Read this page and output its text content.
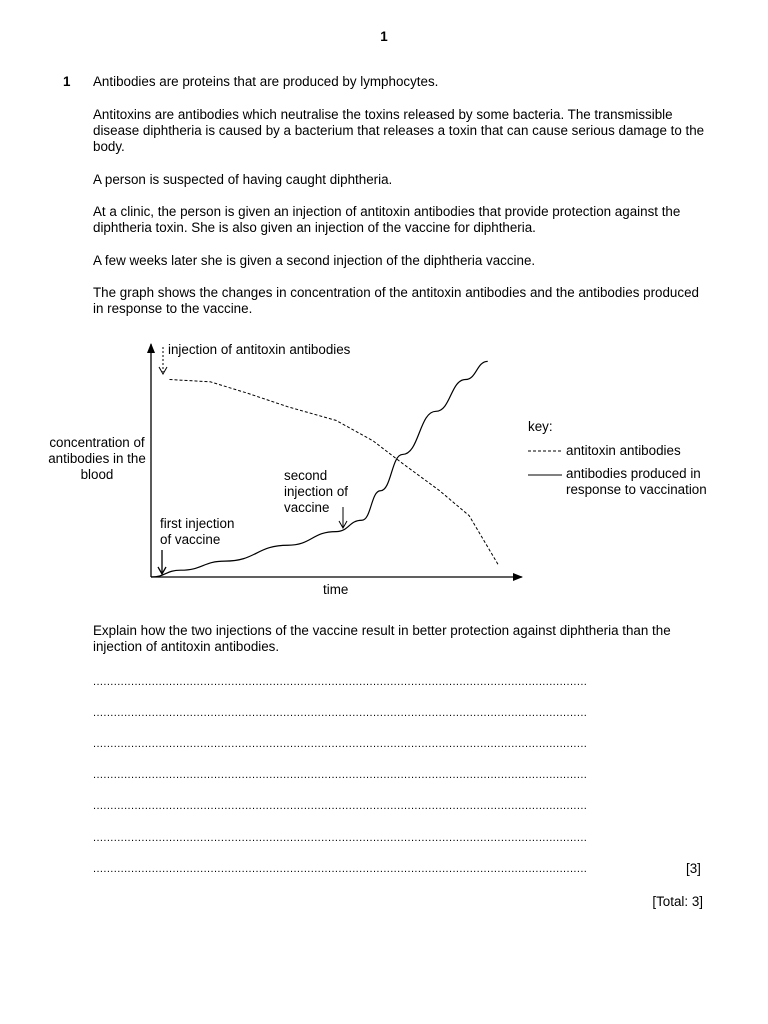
1
1 Antibodies are proteins that are produced by lymphocytes.

Antitoxins are antibodies which neutralise the toxins released by some bacteria. The transmissible disease diphtheria is caused by a bacterium that releases a toxin that can cause serious damage to the body.

A person is suspected of having caught diphtheria.

At a clinic, the person is given an injection of antitoxin antibodies that provide protection against the diphtheria toxin. She is also given an injection of the vaccine for diphtheria.

A few weeks later she is given a second injection of the diphtheria vaccine.

The graph shows the changes in concentration of the antitoxin antibodies and the antibodies produced in response to the vaccine.

injection of antitoxin antibodies
concentration of antibodies in the blood
time
first injection
of vaccine
second
injection of
vaccine
key:
antitoxin antibodies
antibodies produced in
response to vaccination

Explain how the two injections of the vaccine result in better protection against diphtheria than the injection of antitoxin antibodies.

...............................................................................................................................................
...............................................................................................................................................
...............................................................................................................................................
...............................................................................................................................................
...............................................................................................................................................
...............................................................................................................................................
...............................................................................................................................................	[3]
[Total: 3]
